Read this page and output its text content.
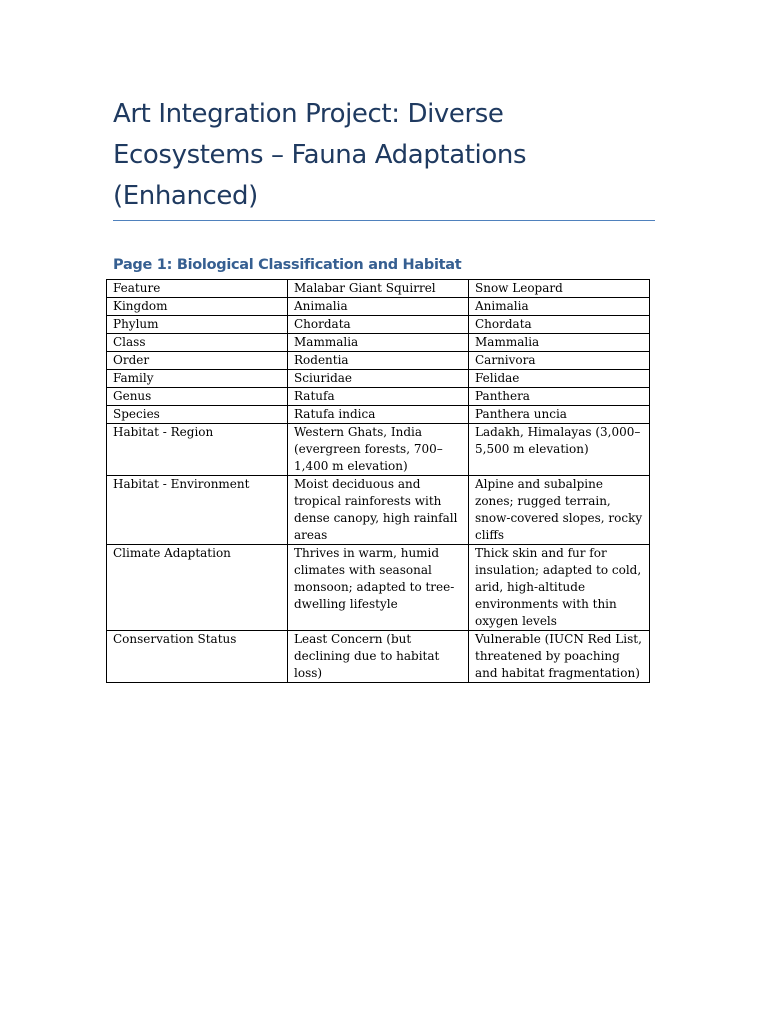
Art Integration Project: Diverse Ecosystems – Fauna Adaptations (Enhanced)
Page 1: Biological Classification and Habitat
Feature	Malabar Giant Squirrel	Snow Leopard
Kingdom	Animalia	Animalia
Phylum	Chordata	Chordata
Class	Mammalia	Mammalia
Order	Rodentia	Carnivora
Family	Sciuridae	Felidae
Genus	Ratufa	Panthera
Species	Ratufa indica	Panthera uncia
Habitat - Region	Western Ghats, India (evergreen forests, 700–1,400 m elevation)	Ladakh, Himalayas (3,000–5,500 m elevation)
Habitat - Environment	Moist deciduous and tropical rainforests with dense canopy, high rainfall areas	Alpine and subalpine zones; rugged terrain, snow-covered slopes, rocky cliffs
Climate Adaptation	Thrives in warm, humid climates with seasonal monsoon; adapted to tree-dwelling lifestyle	Thick skin and fur for insulation; adapted to cold, arid, high-altitude environments with thin oxygen levels
Conservation Status	Least Concern (but declining due to habitat loss)	Vulnerable (IUCN Red List, threatened by poaching and habitat fragmentation)
